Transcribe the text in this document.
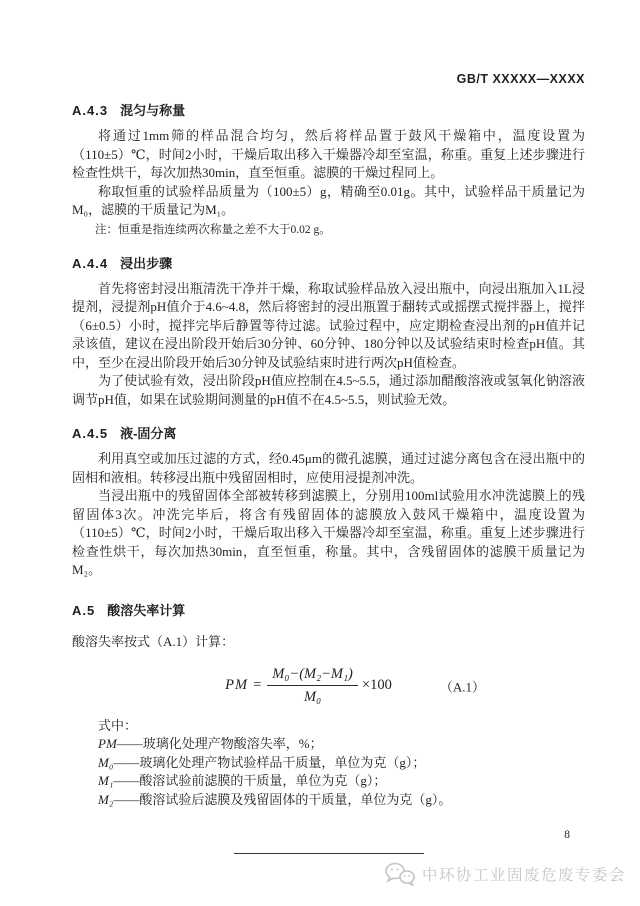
GB/T XXXXX—XXXX
A.4.3 混匀与称量

将通过1mm筛的样品混合均匀，然后将样品置于鼓风干燥箱中，温度设置为（110±5）℃，时间2小时，干燥后取出移入干燥器冷却至室温，称重。重复上述步骤进行检查性烘干，每次加热30min，直至恒重。滤膜的干燥过程同上。

称取恒重的试验样品质量为（100±5）g，精确至0.01g。其中，试验样品干质量记为M₀，滤膜的干质量记为M₁。

注：恒重是指连续两次称量之差不大于0.02 g。

A.4.4 浸出步骤

首先将密封浸出瓶清洗干净并干燥，称取试验样品放入浸出瓶中，向浸出瓶加入1L浸提剂，浸提剂pH值介于4.6~4.8，然后将密封的浸出瓶置于翻转式或摇摆式搅拌器上，搅拌（6±0.5）小时，搅拌完毕后静置等待过滤。试验过程中，应定期检查浸出剂的pH值并记录该值，建议在浸出阶段开始后30分钟、60分钟、180分钟以及试验结束时检查pH值。其中，至少在浸出阶段开始后30分钟及试验结束时进行两次pH值检查。

为了使试验有效，浸出阶段pH值应控制在4.5~5.5，通过添加醋酸溶液或氢氧化钠溶液调节pH值，如果在试验期间测量的pH值不在4.5~5.5，则试验无效。

A.4.5 液-固分离

利用真空或加压过滤的方式，经0.45μm的微孔滤膜，通过过滤分离包含在浸出瓶中的固相和液相。转移浸出瓶中残留固相时，应使用浸提剂冲洗。

当浸出瓶中的残留固体全部被转移到滤膜上，分别用100ml试验用水冲洗滤膜上的残留固体3次。冲洗完毕后，将含有残留固体的滤膜放入鼓风干燥箱中，温度设置为（110±5）℃，时间2小时，干燥后取出移入干燥器冷却至室温，称重。重复上述步骤进行检查性烘干，每次加热30min，直至恒重，称量。其中，含残留固体的滤膜干质量记为M₂。

A.5 酸溶失率计算

酸溶失率按式（A.1）计算：

PM = $\frac{\text{M₀−(M₂−M₁)}}{\text{M₀}} \times 100$	（A.1）

式中：

PM——玻璃化处理产物酸溶失率，%；

M₀——玻璃化处理产物试验样品干质量，单位为克（g）；

M₁——酸溶试验前滤膜的干质量，单位为克（g）；

M₂——酸溶试验后滤膜及残留固体的干质量，单位为克（g）。

8
中环协工业固废危废专委会
